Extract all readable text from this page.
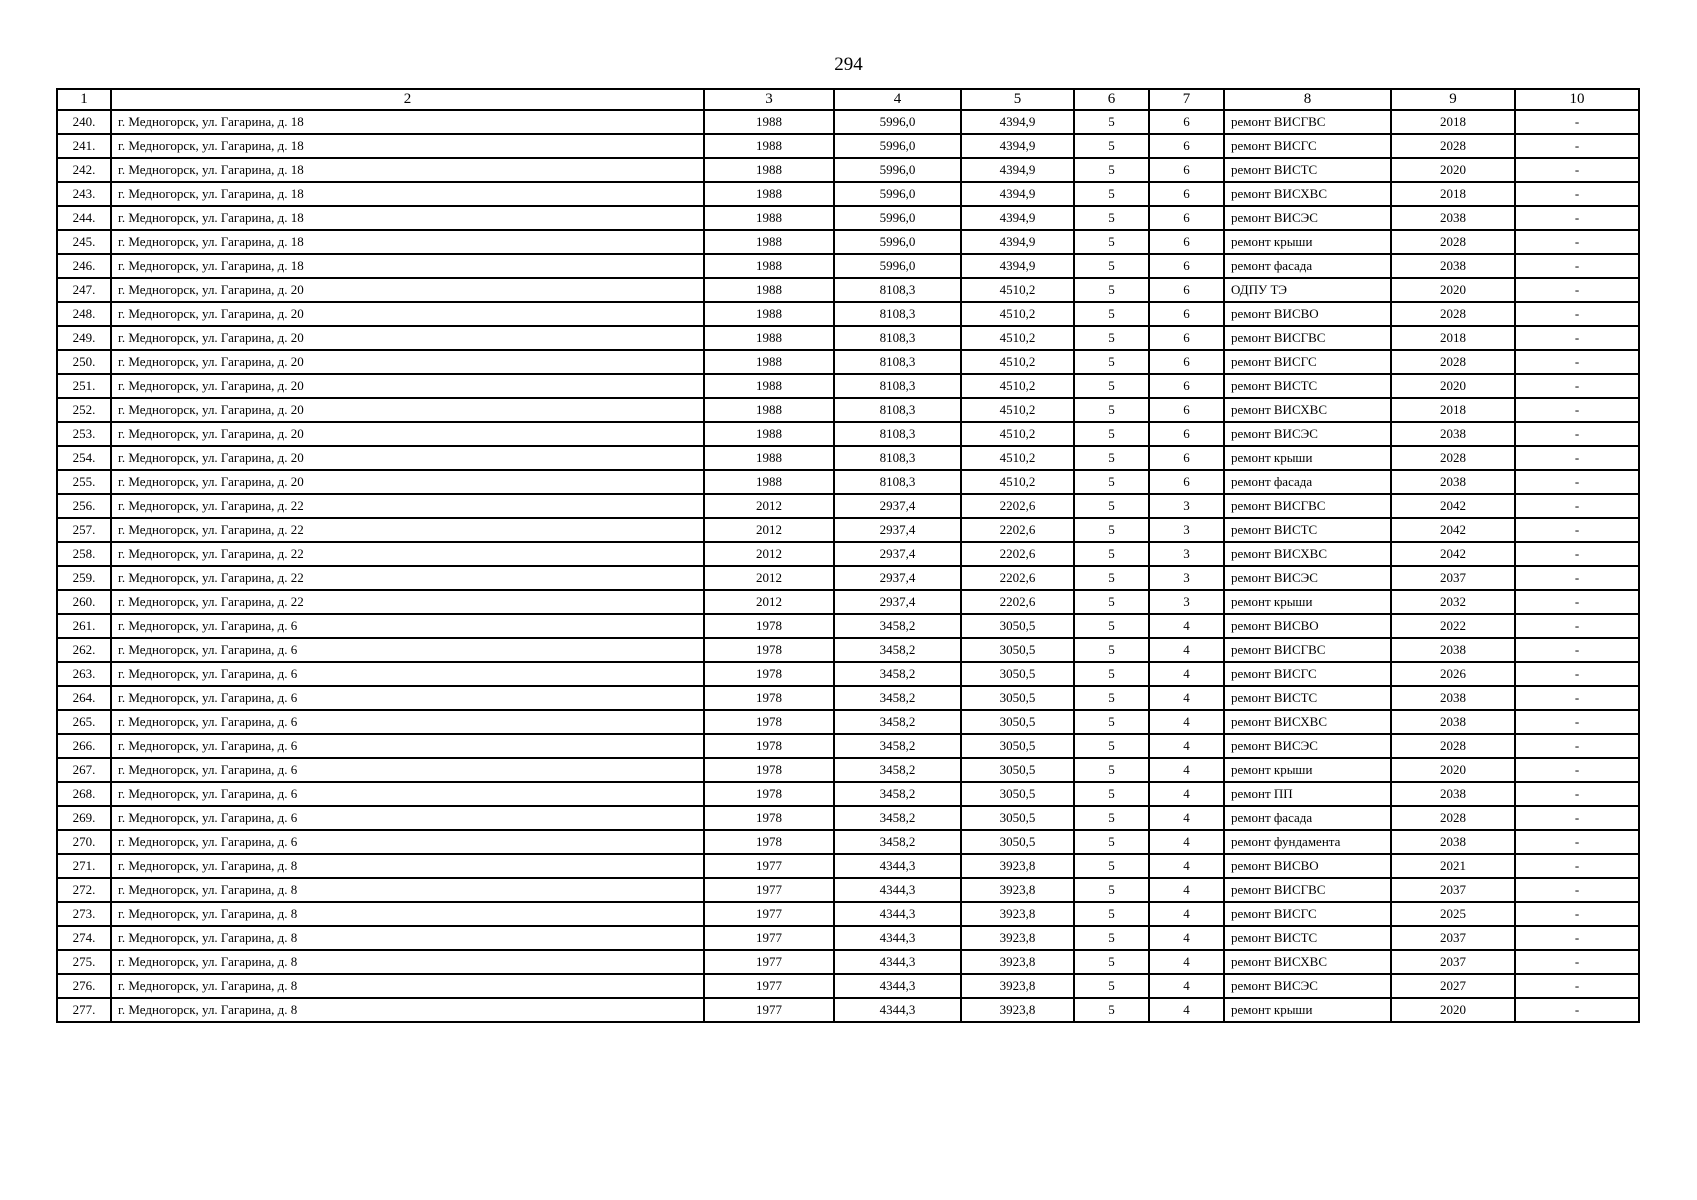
294
1	2	3	4	5	6	7	8	9	10
240.	г. Медногорск, ул. Гагарина, д. 18	1988	5996,0	4394,9	5	6	ремонт ВИСГВС	2018	-
241.	г. Медногорск, ул. Гагарина, д. 18	1988	5996,0	4394,9	5	6	ремонт ВИСГС	2028	-
242.	г. Медногорск, ул. Гагарина, д. 18	1988	5996,0	4394,9	5	6	ремонт ВИСТС	2020	-
243.	г. Медногорск, ул. Гагарина, д. 18	1988	5996,0	4394,9	5	6	ремонт ВИСХВС	2018	-
244.	г. Медногорск, ул. Гагарина, д. 18	1988	5996,0	4394,9	5	6	ремонт ВИСЭС	2038	-
245.	г. Медногорск, ул. Гагарина, д. 18	1988	5996,0	4394,9	5	6	ремонт крыши	2028	-
246.	г. Медногорск, ул. Гагарина, д. 18	1988	5996,0	4394,9	5	6	ремонт фасада	2038	-
247.	г. Медногорск, ул. Гагарина, д. 20	1988	8108,3	4510,2	5	6	ОДПУ ТЭ	2020	-
248.	г. Медногорск, ул. Гагарина, д. 20	1988	8108,3	4510,2	5	6	ремонт ВИСВО	2028	-
249.	г. Медногорск, ул. Гагарина, д. 20	1988	8108,3	4510,2	5	6	ремонт ВИСГВС	2018	-
250.	г. Медногорск, ул. Гагарина, д. 20	1988	8108,3	4510,2	5	6	ремонт ВИСГС	2028	-
251.	г. Медногорск, ул. Гагарина, д. 20	1988	8108,3	4510,2	5	6	ремонт ВИСТС	2020	-
252.	г. Медногорск, ул. Гагарина, д. 20	1988	8108,3	4510,2	5	6	ремонт ВИСХВС	2018	-
253.	г. Медногорск, ул. Гагарина, д. 20	1988	8108,3	4510,2	5	6	ремонт ВИСЭС	2038	-
254.	г. Медногорск, ул. Гагарина, д. 20	1988	8108,3	4510,2	5	6	ремонт крыши	2028	-
255.	г. Медногорск, ул. Гагарина, д. 20	1988	8108,3	4510,2	5	6	ремонт фасада	2038	-
256.	г. Медногорск, ул. Гагарина, д. 22	2012	2937,4	2202,6	5	3	ремонт ВИСГВС	2042	-
257.	г. Медногорск, ул. Гагарина, д. 22	2012	2937,4	2202,6	5	3	ремонт ВИСТС	2042	-
258.	г. Медногорск, ул. Гагарина, д. 22	2012	2937,4	2202,6	5	3	ремонт ВИСХВС	2042	-
259.	г. Медногорск, ул. Гагарина, д. 22	2012	2937,4	2202,6	5	3	ремонт ВИСЭС	2037	-
260.	г. Медногорск, ул. Гагарина, д. 22	2012	2937,4	2202,6	5	3	ремонт крыши	2032	-
261.	г. Медногорск, ул. Гагарина, д. 6	1978	3458,2	3050,5	5	4	ремонт ВИСВО	2022	-
262.	г. Медногорск, ул. Гагарина, д. 6	1978	3458,2	3050,5	5	4	ремонт ВИСГВС	2038	-
263.	г. Медногорск, ул. Гагарина, д. 6	1978	3458,2	3050,5	5	4	ремонт ВИСГС	2026	-
264.	г. Медногорск, ул. Гагарина, д. 6	1978	3458,2	3050,5	5	4	ремонт ВИСТС	2038	-
265.	г. Медногорск, ул. Гагарина, д. 6	1978	3458,2	3050,5	5	4	ремонт ВИСХВС	2038	-
266.	г. Медногорск, ул. Гагарина, д. 6	1978	3458,2	3050,5	5	4	ремонт ВИСЭС	2028	-
267.	г. Медногорск, ул. Гагарина, д. 6	1978	3458,2	3050,5	5	4	ремонт крыши	2020	-
268.	г. Медногорск, ул. Гагарина, д. 6	1978	3458,2	3050,5	5	4	ремонт ПП	2038	-
269.	г. Медногорск, ул. Гагарина, д. 6	1978	3458,2	3050,5	5	4	ремонт фасада	2028	-
270.	г. Медногорск, ул. Гагарина, д. 6	1978	3458,2	3050,5	5	4	ремонт фундамента	2038	-
271.	г. Медногорск, ул. Гагарина, д. 8	1977	4344,3	3923,8	5	4	ремонт ВИСВО	2021	-
272.	г. Медногорск, ул. Гагарина, д. 8	1977	4344,3	3923,8	5	4	ремонт ВИСГВС	2037	-
273.	г. Медногорск, ул. Гагарина, д. 8	1977	4344,3	3923,8	5	4	ремонт ВИСГС	2025	-
274.	г. Медногорск, ул. Гагарина, д. 8	1977	4344,3	3923,8	5	4	ремонт ВИСТС	2037	-
275.	г. Медногорск, ул. Гагарина, д. 8	1977	4344,3	3923,8	5	4	ремонт ВИСХВС	2037	-
276.	г. Медногорск, ул. Гагарина, д. 8	1977	4344,3	3923,8	5	4	ремонт ВИСЭС	2027	-
277.	г. Медногорск, ул. Гагарина, д. 8	1977	4344,3	3923,8	5	4	ремонт крыши	2020	-
